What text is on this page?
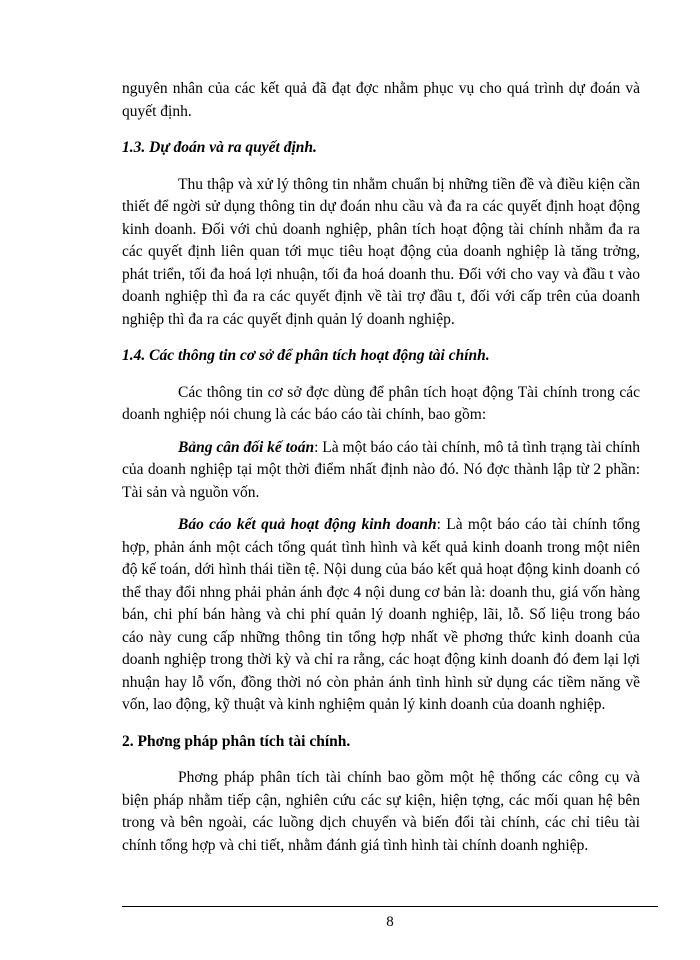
nguyên nhân của các kết quả đã đạt đợc nhằm phục vụ cho quá trình dự đoán và quyết định.

1.3. Dự đoán và ra quyết định.

Thu thập và xử lý thông tin nhằm chuẩn bị những tiền đề và điều kiện cần thiết để ngời sử dụng thông tin dự đoán nhu cầu và đa ra các quyết định hoạt động kinh doanh. Đối với chủ doanh nghiệp, phân tích hoạt động tài chính nhằm đa ra các quyết định liên quan tới mục tiêu hoạt động của doanh nghiệp là tăng trởng, phát triển, tối đa hoá lợi nhuận, tối đa hoá doanh thu. Đối với cho vay và đầu t vào doanh nghiệp thì đa ra các quyết định về tài trợ đầu t, đối với cấp trên của doanh nghiệp thì đa ra các quyết định quản lý doanh nghiệp.

1.4. Các thông tin cơ sở để phân tích hoạt động tài chính.

Các thông tin cơ sở đợc dùng để phân tích hoạt động Tài chính trong các doanh nghiệp nói chung là các báo cáo tài chính, bao gồm:

Bảng cân đối kế toán: Là một báo cáo tài chính, mô tả tình trạng tài chính của doanh nghiệp tại một thời điểm nhất định nào đó. Nó đợc thành lập từ 2 phần: Tài sản và nguồn vốn.

Báo cáo kết quả hoạt động kinh doanh: Là một báo cáo tài chính tổng hợp, phản ánh một cách tổng quát tình hình và kết quả kinh doanh trong một niên độ kế toán, dới hình thái tiền tệ. Nội dung của báo kết quả hoạt động kinh doanh có thể thay đổi nhng phải phản ánh đợc 4 nội dung cơ bản là: doanh thu, giá vốn hàng bán, chi phí bán hàng và chi phí quản lý doanh nghiệp, lãi, lỗ. Số liệu trong báo cáo này cung cấp những thông tin tổng hợp nhất về phơng thức kinh doanh của doanh nghiệp trong thời kỳ và chỉ ra rằng, các hoạt động kinh doanh đó đem lại lợi nhuận hay lỗ vốn, đồng thời nó còn phản ánh tình hình sử dụng các tiềm năng về vốn, lao động, kỹ thuật và kinh nghiệm quản lý kinh doanh của doanh nghiệp.

2. Phơng pháp phân tích tài chính.

Phơng pháp phân tích tài chính bao gồm một hệ thống các công cụ và biện pháp nhằm tiếp cận, nghiên cứu các sự kiện, hiện tợng, các mối quan hệ bên trong và bên ngoài, các luồng dịch chuyển và biến đổi tài chính, các chỉ tiêu tài chính tổng hợp và chi tiết, nhằm đánh giá tình hình tài chính doanh nghiệp.

8
